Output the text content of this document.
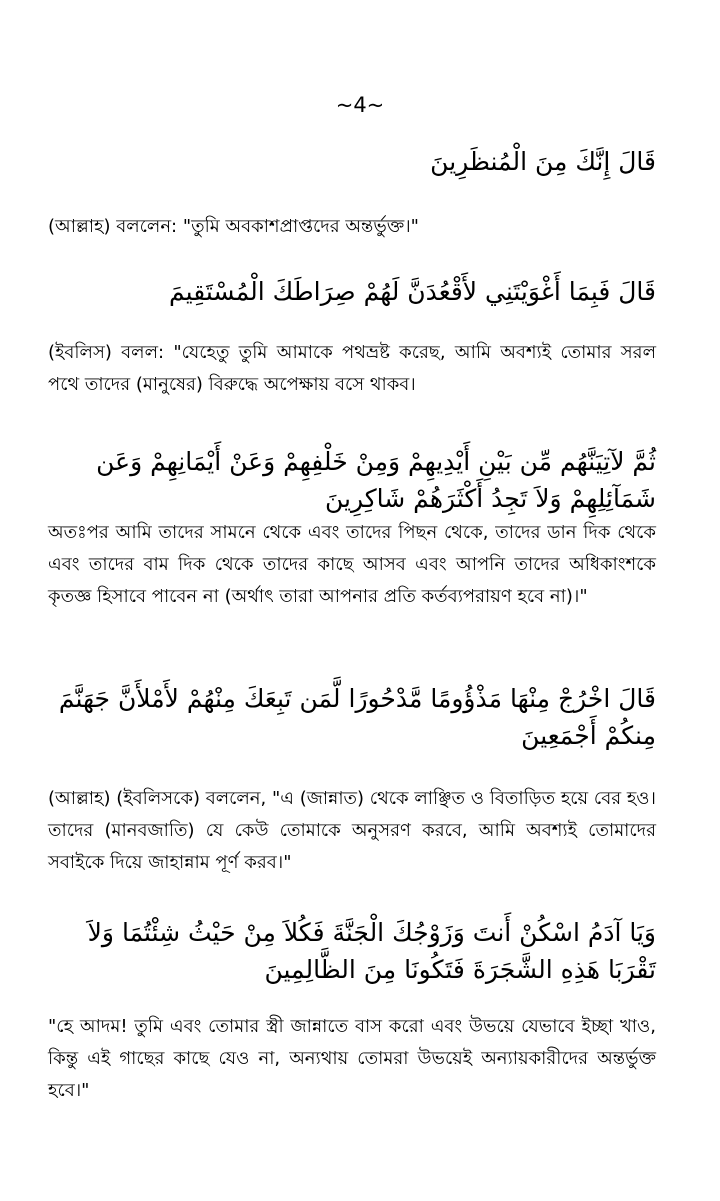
~4~
قَالَ إِنَّكَ مِنَ الْمُنظَرِينَ
(আল্লাহ) বললেন: "তুমি অবকাশপ্রাপ্তদের অন্তর্ভুক্ত।"
قَالَ فَبِمَا أَغْوَيْتَنِي لأَقْعُدَنَّ لَهُمْ صِرَاطَكَ الْمُسْتَقِيمَ
(ইবলিস) বলল: "যেহেতু তুমি আমাকে পথভ্রষ্ট করেছ, আমি অবশ্যই তোমার সরল পথে তাদের (মানুষের) বিরুদ্ধে অপেক্ষায় বসে থাকব।
ثُمَّ لآتِيَنَّهُم مِّن بَيْنِ أَيْدِيهِمْ وَمِنْ خَلْفِهِمْ وَعَنْ أَيْمَانِهِمْ وَعَن شَمَآئِلِهِمْ وَلاَ تَجِدُ أَكْثَرَهُمْ شَاكِرِينَ
অতঃপর আমি তাদের সামনে থেকে এবং তাদের পিছন থেকে, তাদের ডান দিক থেকে এবং তাদের বাম দিক থেকে তাদের কাছে আসব এবং আপনি তাদের অধিকাংশকে কৃতজ্ঞ হিসাবে পাবেন না (অর্থাৎ তারা আপনার প্রতি কর্তব্যপরায়ণ হবে না)।"
قَالَ اخْرُجْ مِنْهَا مَذْؤُومًا مَّدْحُورًا لَّمَن تَبِعَكَ مِنْهُمْ لأَمْلأَنَّ جَهَنَّمَ مِنكُمْ أَجْمَعِينَ
(আল্লাহ) (ইবলিসকে) বললেন, "এ (জান্নাত) থেকে লাঞ্ছিত ও বিতাড়িত হয়ে বের হও। তাদের (মানবজাতি) যে কেউ তোমাকে অনুসরণ করবে, আমি অবশ্যই তোমাদের সবাইকে দিয়ে জাহান্নাম পূর্ণ করব।"
وَيَا آدَمُ اسْكُنْ أَنتَ وَزَوْجُكَ الْجَنَّةَ فَكُلاَ مِنْ حَيْثُ شِئْتُمَا وَلاَ تَقْرَبَا هَذِهِ الشَّجَرَةَ فَتَكُونَا مِنَ الظَّالِمِينَ
"হে আদম! তুমি এবং তোমার স্ত্রী জান্নাতে বাস করো এবং উভয়ে যেভাবে ইচ্ছা খাও, কিন্তু এই গাছের কাছে যেও না, অন্যথায় তোমরা উভয়েই অন্যায়কারীদের অন্তর্ভুক্ত হবে।"
